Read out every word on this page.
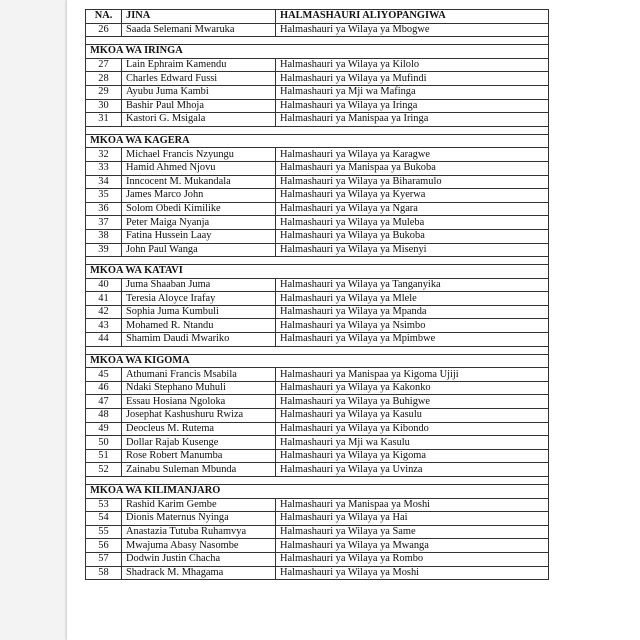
NA.	JINA	HALMASHAURI ALIYOPANGIWA
26	Saada Selemani Mwaruka	Halmashauri ya Wilaya ya Mbogwe

MKOA WA IRINGA		
27	Lain Ephraim Kamendu	Halmashauri ya Wilaya ya Kilolo
28	Charles Edward Fussi	Halmashauri ya Wilaya ya Mufindi
29	Ayubu Juma Kambi	Halmashauri ya Mji wa Mafinga
30	Bashir Paul Mhoja	Halmashauri ya Wilaya ya Iringa
31	Kastori G. Msigala	Halmashauri ya Manispaa ya Iringa

MKOA WA KAGERA		
32	Michael Francis Nzyungu	Halmashauri ya Wilaya ya Karagwe
33	Hamid Ahmed Njovu	Halmashauri ya Manispaa ya Bukoba
34	Inncocent M. Mukandala	Halmashauri ya Wilaya ya Biharamulo
35	James Marco John	Halmashauri ya Wilaya ya Kyerwa
36	Solom Obedi Kimilike	Halmashauri ya Wilaya ya Ngara
37	Peter Maiga Nyanja	Halmashauri ya Wilaya ya Muleba
38	Fatina Hussein Laay	Halmashauri ya Wilaya ya Bukoba
39	John Paul Wanga	Halmashauri ya Wilaya ya Misenyi

MKOA WA KATAVI		
40	Juma Shaaban Juma	Halmashauri ya Wilaya ya Tanganyika
41	Teresia Aloyce Irafay	Halmashauri ya Wilaya ya Mlele
42	Sophia Juma Kumbuli	Halmashauri ya Wilaya ya Mpanda
43	Mohamed R. Ntandu	Halmashauri ya Wilaya ya Nsimbo
44	Shamim Daudi Mwariko	Halmashauri ya Wilaya ya Mpimbwe

MKOA WA KIGOMA		
45	Athumani Francis Msabila	Halmashauri ya Manispaa ya Kigoma Ujiji
46	Ndaki Stephano Muhuli	Halmashauri ya Wilaya ya Kakonko
47	Essau Hosiana Ngoloka	Halmashauri ya Wilaya ya Buhigwe
48	Josephat Kashushuru Rwiza	Halmashauri ya Wilaya ya Kasulu
49	Deocleus M. Rutema	Halmashauri ya Wilaya ya Kibondo
50	Dollar Rajab Kusenge	Halmashauri ya Mji wa Kasulu
51	Rose Robert Manumba	Halmashauri ya Wilaya ya Kigoma
52	Zainabu Suleman Mbunda	Halmashauri ya Wilaya ya Uvinza

MKOA WA KILIMANJARO		
53	Rashid Karim Gembe	Halmashauri ya Manispaa ya Moshi
54	Dionis Maternus Nyinga	Halmashauri ya Wilaya ya Hai
55	Anastazia Tutuba Ruhamvya	Halmashauri ya Wilaya ya Same
56	Mwajuma Abasy Nasombe	Halmashauri ya Wilaya ya Mwanga
57	Dodwin Justin Chacha	Halmashauri ya Wilaya ya Rombo
58	Shadrack M. Mhagama	Halmashauri ya Wilaya ya Moshi
